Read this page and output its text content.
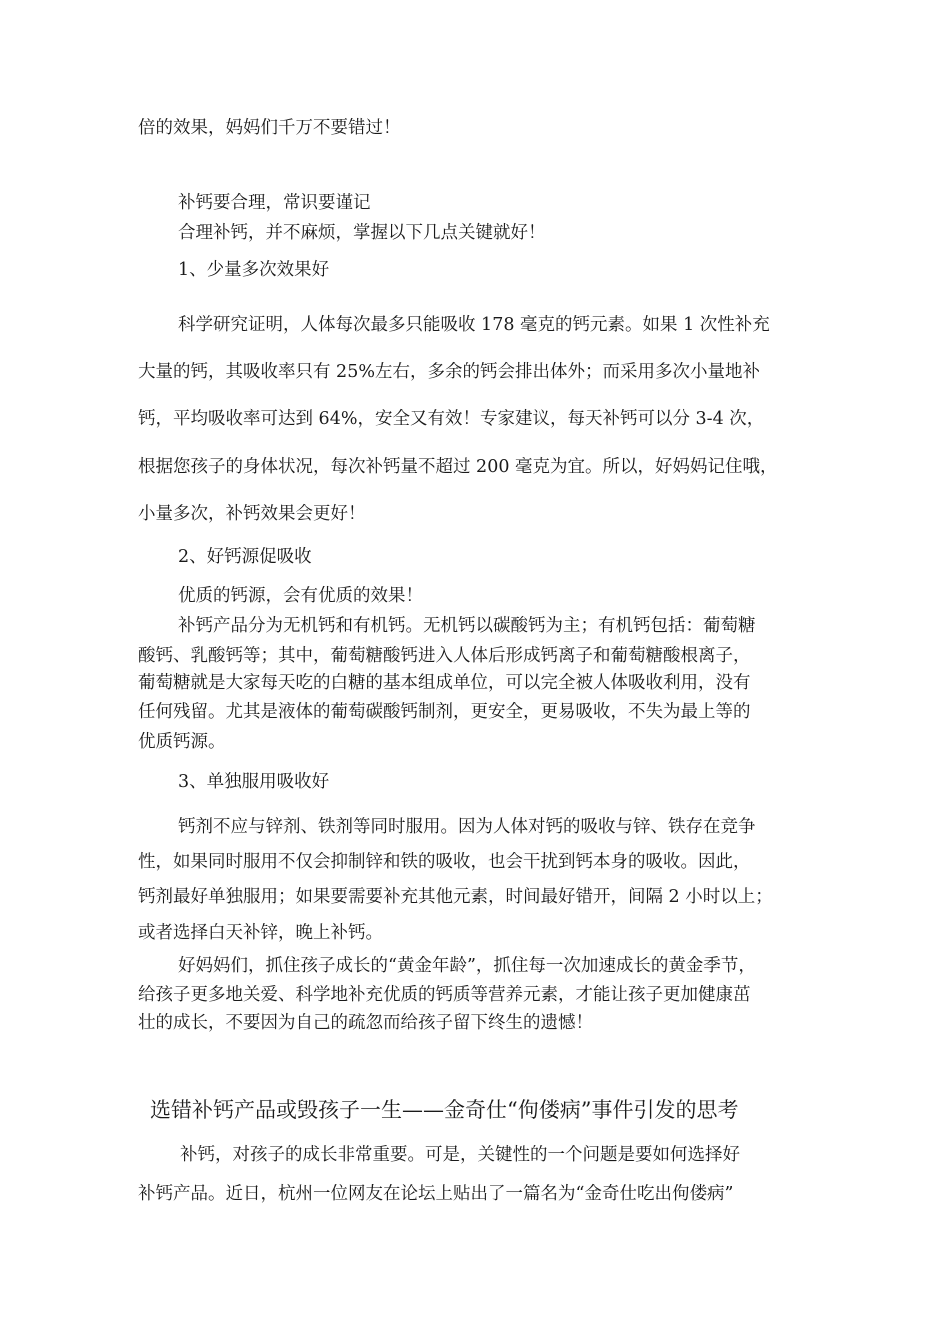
倍的效果，妈妈们千万不要错过！
补钙要合理，常识要谨记
合理补钙，并不麻烦，掌握以下几点关键就好！
1、少量多次效果好
科学研究证明，人体每次最多只能吸收 178 毫克的钙元素。如果 1 次性补充
大量的钙，其吸收率只有 25%左右，多余的钙会排出体外；而采用多次小量地补
钙，平均吸收率可达到 64%，安全又有效！专家建议，每天补钙可以分 3-4 次，
根据您孩子的身体状况，每次补钙量不超过 200 毫克为宜。所以，好妈妈记住哦，
小量多次，补钙效果会更好！
2、好钙源促吸收
优质的钙源，会有优质的效果！
补钙产品分为无机钙和有机钙。无机钙以碳酸钙为主；有机钙包括：葡萄糖
酸钙、乳酸钙等；其中，葡萄糖酸钙进入人体后形成钙离子和葡萄糖酸根离子，
葡萄糖就是大家每天吃的白糖的基本组成单位，可以完全被人体吸收利用，没有
任何残留。尤其是液体的葡萄碳酸钙制剂，更安全，更易吸收，不失为最上等的
优质钙源。
3、单独服用吸收好
钙剂不应与锌剂、铁剂等同时服用。因为人体对钙的吸收与锌、铁存在竞争
性，如果同时服用不仅会抑制锌和铁的吸收，也会干扰到钙本身的吸收。因此，
钙剂最好单独服用；如果要需要补充其他元素，时间最好错开，间隔 2 小时以上；
或者选择白天补锌，晚上补钙。
好妈妈们，抓住孩子成长的“黄金年龄”，抓住每一次加速成长的黄金季节，
给孩子更多地关爱、科学地补充优质的钙质等营养元素，才能让孩子更加健康茁
壮的成长，不要因为自己的疏忽而给孩子留下终生的遗憾！
选错补钙产品或毁孩子一生——金奇仕“佝偻病”事件引发的思考
补钙，对孩子的成长非常重要。可是，关键性的一个问题是要如何选择好
补钙产品。近日，杭州一位网友在论坛上贴出了一篇名为“金奇仕吃出佝偻病”
